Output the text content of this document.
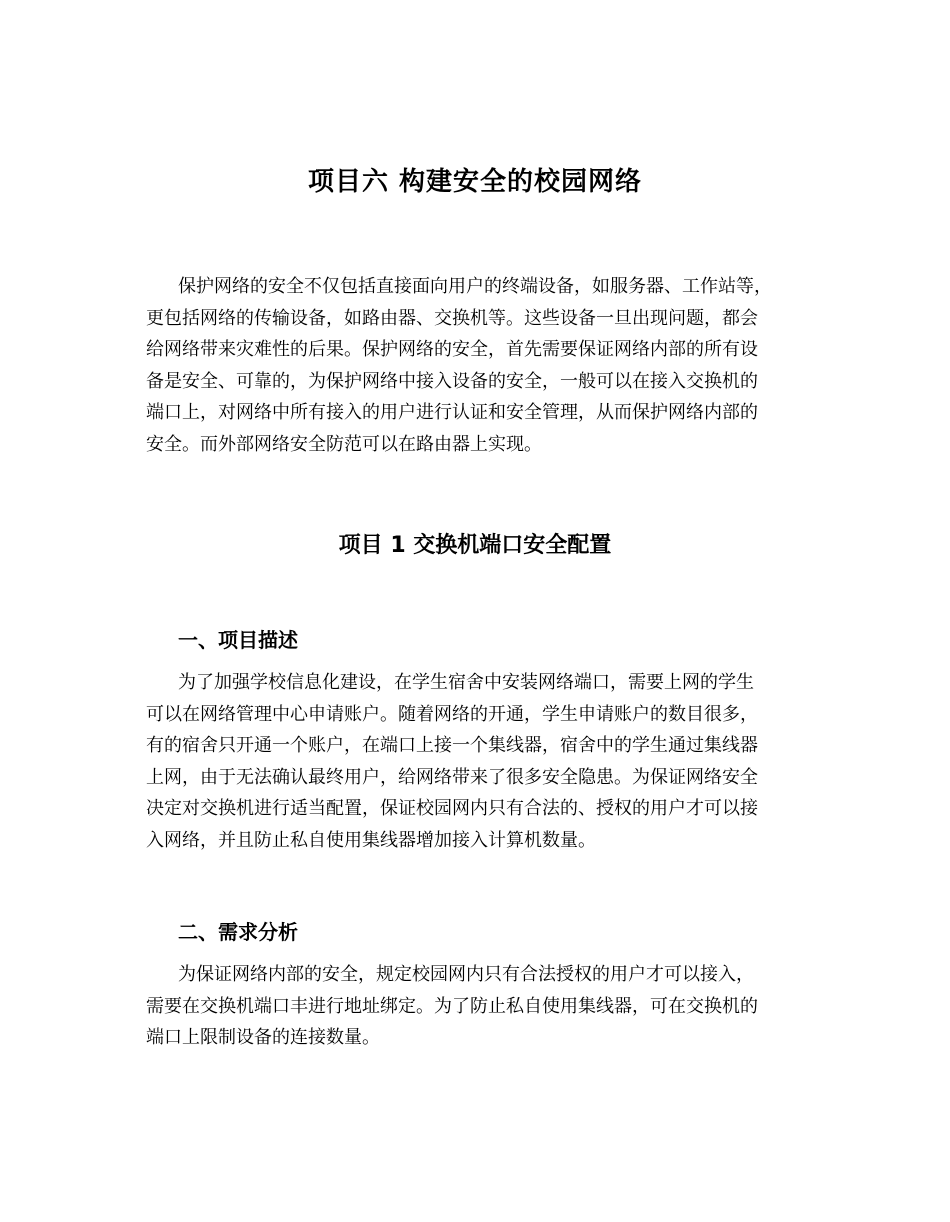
项目六 构建安全的校园网络
保护网络的安全不仅包括直接面向用户的终端设备，如服务器、工作站等，
更包括网络的传输设备，如路由器、交换机等。这些设备一旦出现问题，都会
给网络带来灾难性的后果。保护网络的安全，首先需要保证网络内部的所有设
备是安全、可靠的，为保护网络中接入设备的安全，一般可以在接入交换机的
端口上，对网络中所有接入的用户进行认证和安全管理，从而保护网络内部的
安全。而外部网络安全防范可以在路由器上实现。
项目 1 交换机端口安全配置
一、项目描述
为了加强学校信息化建设，在学生宿舍中安装网络端口，需要上网的学生
可以在网络管理中心申请账户。随着网络的开通，学生申请账户的数目很多，
有的宿舍只开通一个账户，在端口上接一个集线器，宿舍中的学生通过集线器
上网，由于无法确认最终用户，给网络带来了很多安全隐患。为保证网络安全
决定对交换机进行适当配置，保证校园网内只有合法的、授权的用户才可以接
入网络，并且防止私自使用集线器增加接入计算机数量。
二、需求分析
为保证网络内部的安全，规定校园网内只有合法授权的用户才可以接入，
需要在交换机端口丰进行地址绑定。为了防止私自使用集线器，可在交换机的
端口上限制设备的连接数量。
